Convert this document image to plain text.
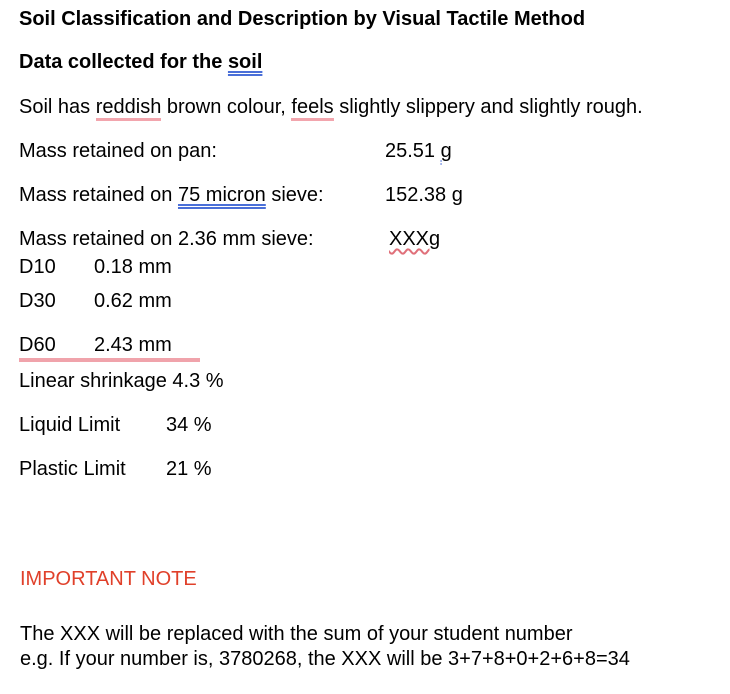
Soil Classification and Description by Visual Tactile Method
Data collected for the soil
Soil has reddish brown colour, feels slightly slippery and slightly rough.
Mass retained on pan:	25.51 g
Mass retained on 75 micron sieve:	152.38 g
Mass retained on 2.36 mm sieve:	XXXg
D10 0.18 mm
D30 0.62 mm
D60 2.43 mm
Linear shrinkage 4.3 %
Liquid Limit 34 %
Plastic Limit 21 %
IMPORTANT NOTE
The XXX will be replaced with the sum of your student number
e.g. If your number is, 3780268, the XXX will be 3+7+8+0+2+6+8=34
